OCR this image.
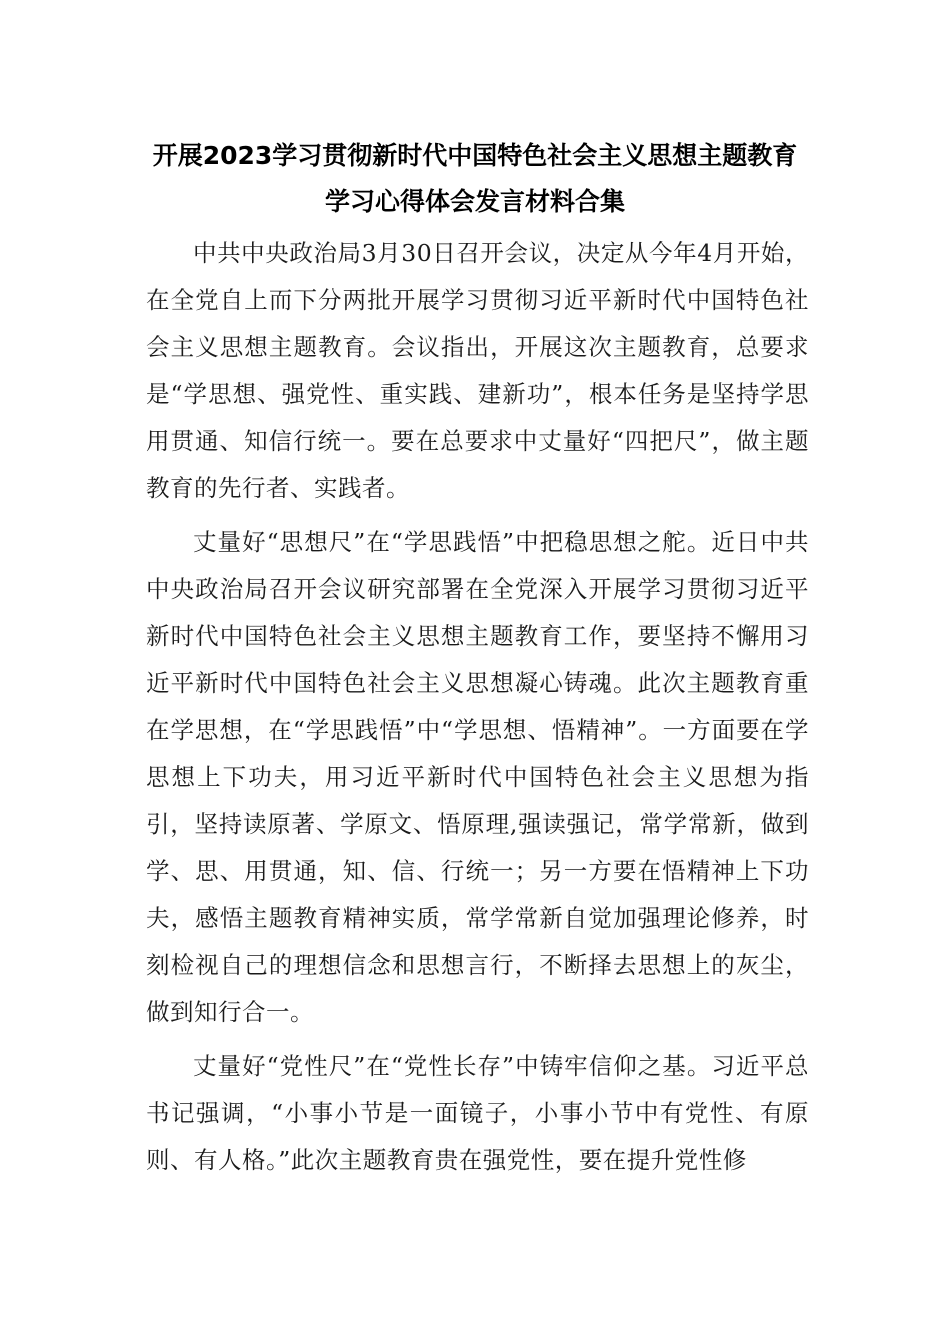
开展2023学习贯彻新时代中国特色社会主义思想主题教育
学习心得体会发言材料合集

中共中央政治局3月30日召开会议，决定从今年4月开始，在全党自上而下分两批开展学习贯彻习近平新时代中国特色社会主义思想主题教育。会议指出，开展这次主题教育，总要求是“学思想、强党性、重实践、建新功”，根本任务是坚持学思用贯通、知信行统一。要在总要求中丈量好“四把尺”，做主题教育的先行者、实践者。

丈量好“思想尺”在“学思践悟”中把稳思想之舵。近日中共中央政治局召开会议研究部署在全党深入开展学习贯彻习近平新时代中国特色社会主义思想主题教育工作，要坚持不懈用习近平新时代中国特色社会主义思想凝心铸魂。此次主题教育重在学思想，在“学思践悟”中“学思想、悟精神”。一方面要在学思想上下功夫，用习近平新时代中国特色社会主义思想为指引，坚持读原著、学原文、悟原理,强读强记，常学常新，做到学、思、用贯通，知、信、行统一；另一方要在悟精神上下功夫，感悟主题教育精神实质，常学常新自觉加强理论修养，时刻检视自己的理想信念和思想言行，不断择去思想上的灰尘，做到知行合一。

丈量好“党性尺”在“党性长存”中铸牢信仰之基。习近平总书记强调，“小事小节是一面镜子，小事小节中有党性、有原则、有人格。”此次主题教育贵在强党性，要在提升党性修
